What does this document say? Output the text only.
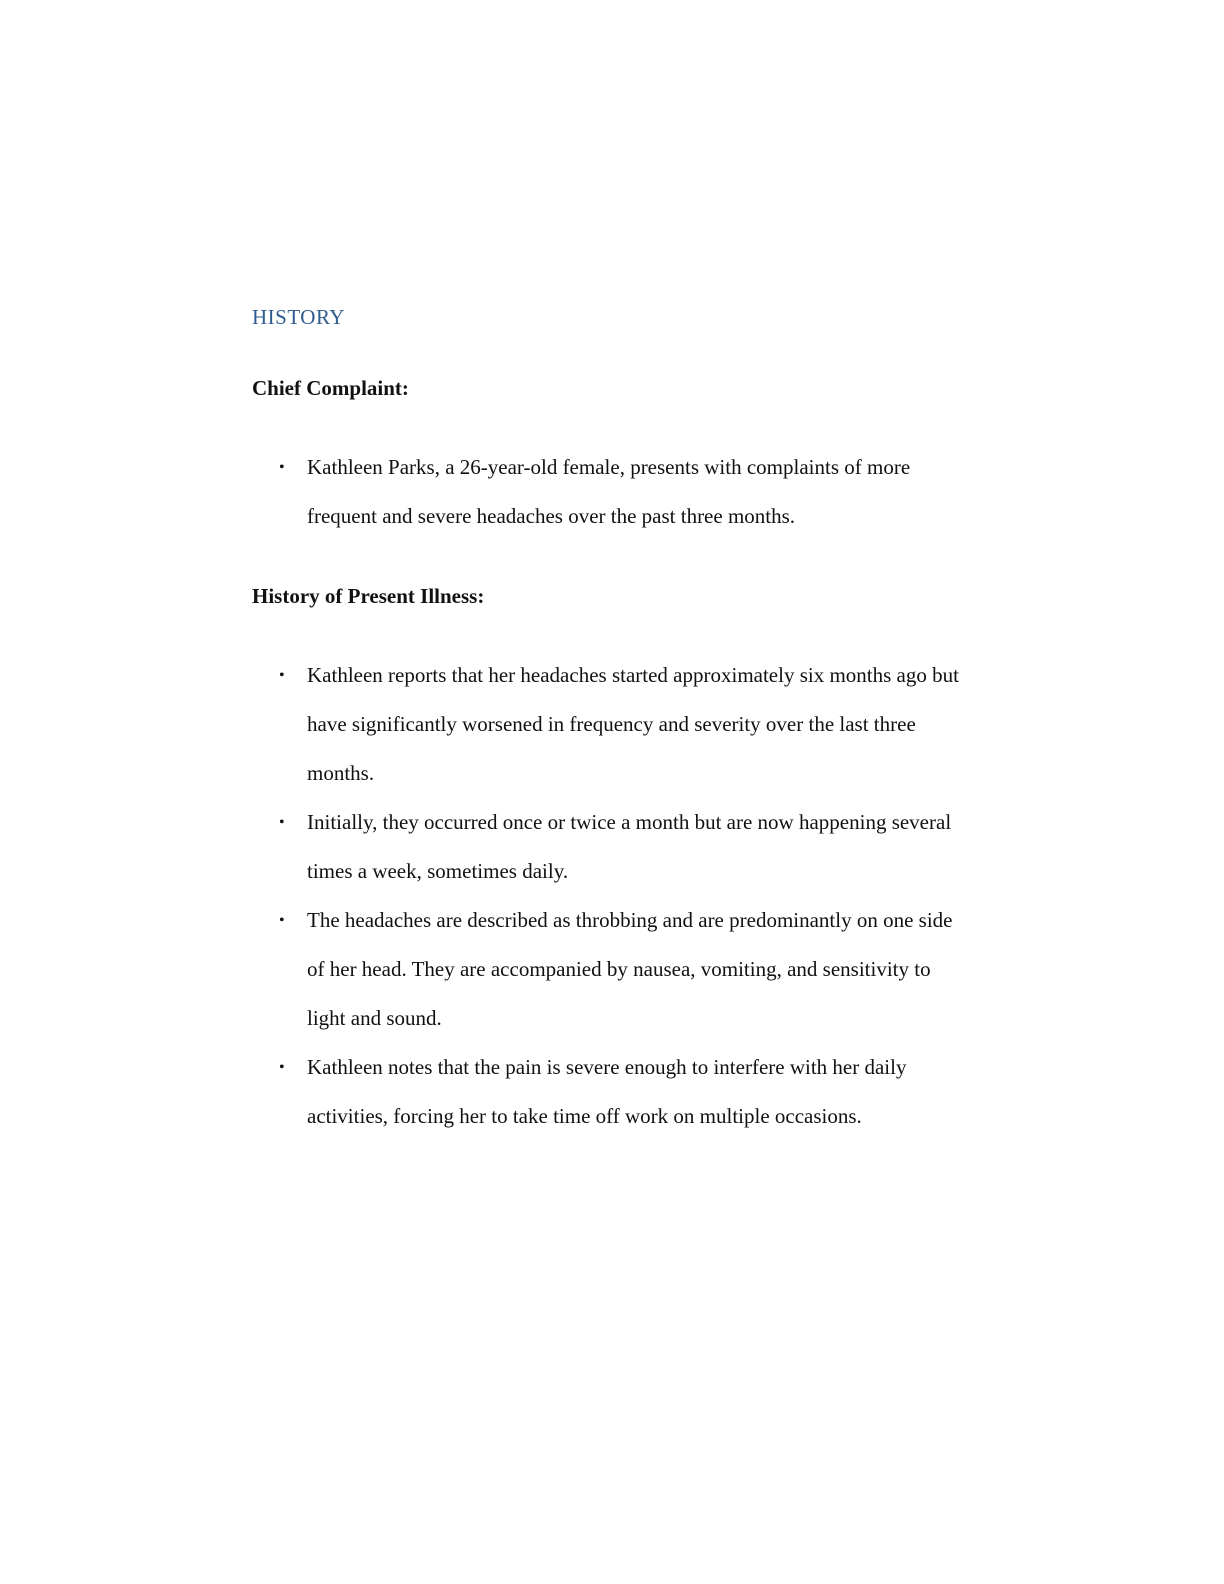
HISTORY
Chief Complaint:
• Kathleen Parks, a 26-year-old female, presents with complaints of more frequent and severe headaches over the past three months.
History of Present Illness:
• Kathleen reports that her headaches started approximately six months ago but have significantly worsened in frequency and severity over the last three months.
• Initially, they occurred once or twice a month but are now happening several times a week, sometimes daily.
• The headaches are described as throbbing and are predominantly on one side of her head. They are accompanied by nausea, vomiting, and sensitivity to light and sound.
• Kathleen notes that the pain is severe enough to interfere with her daily activities, forcing her to take time off work on multiple occasions.
